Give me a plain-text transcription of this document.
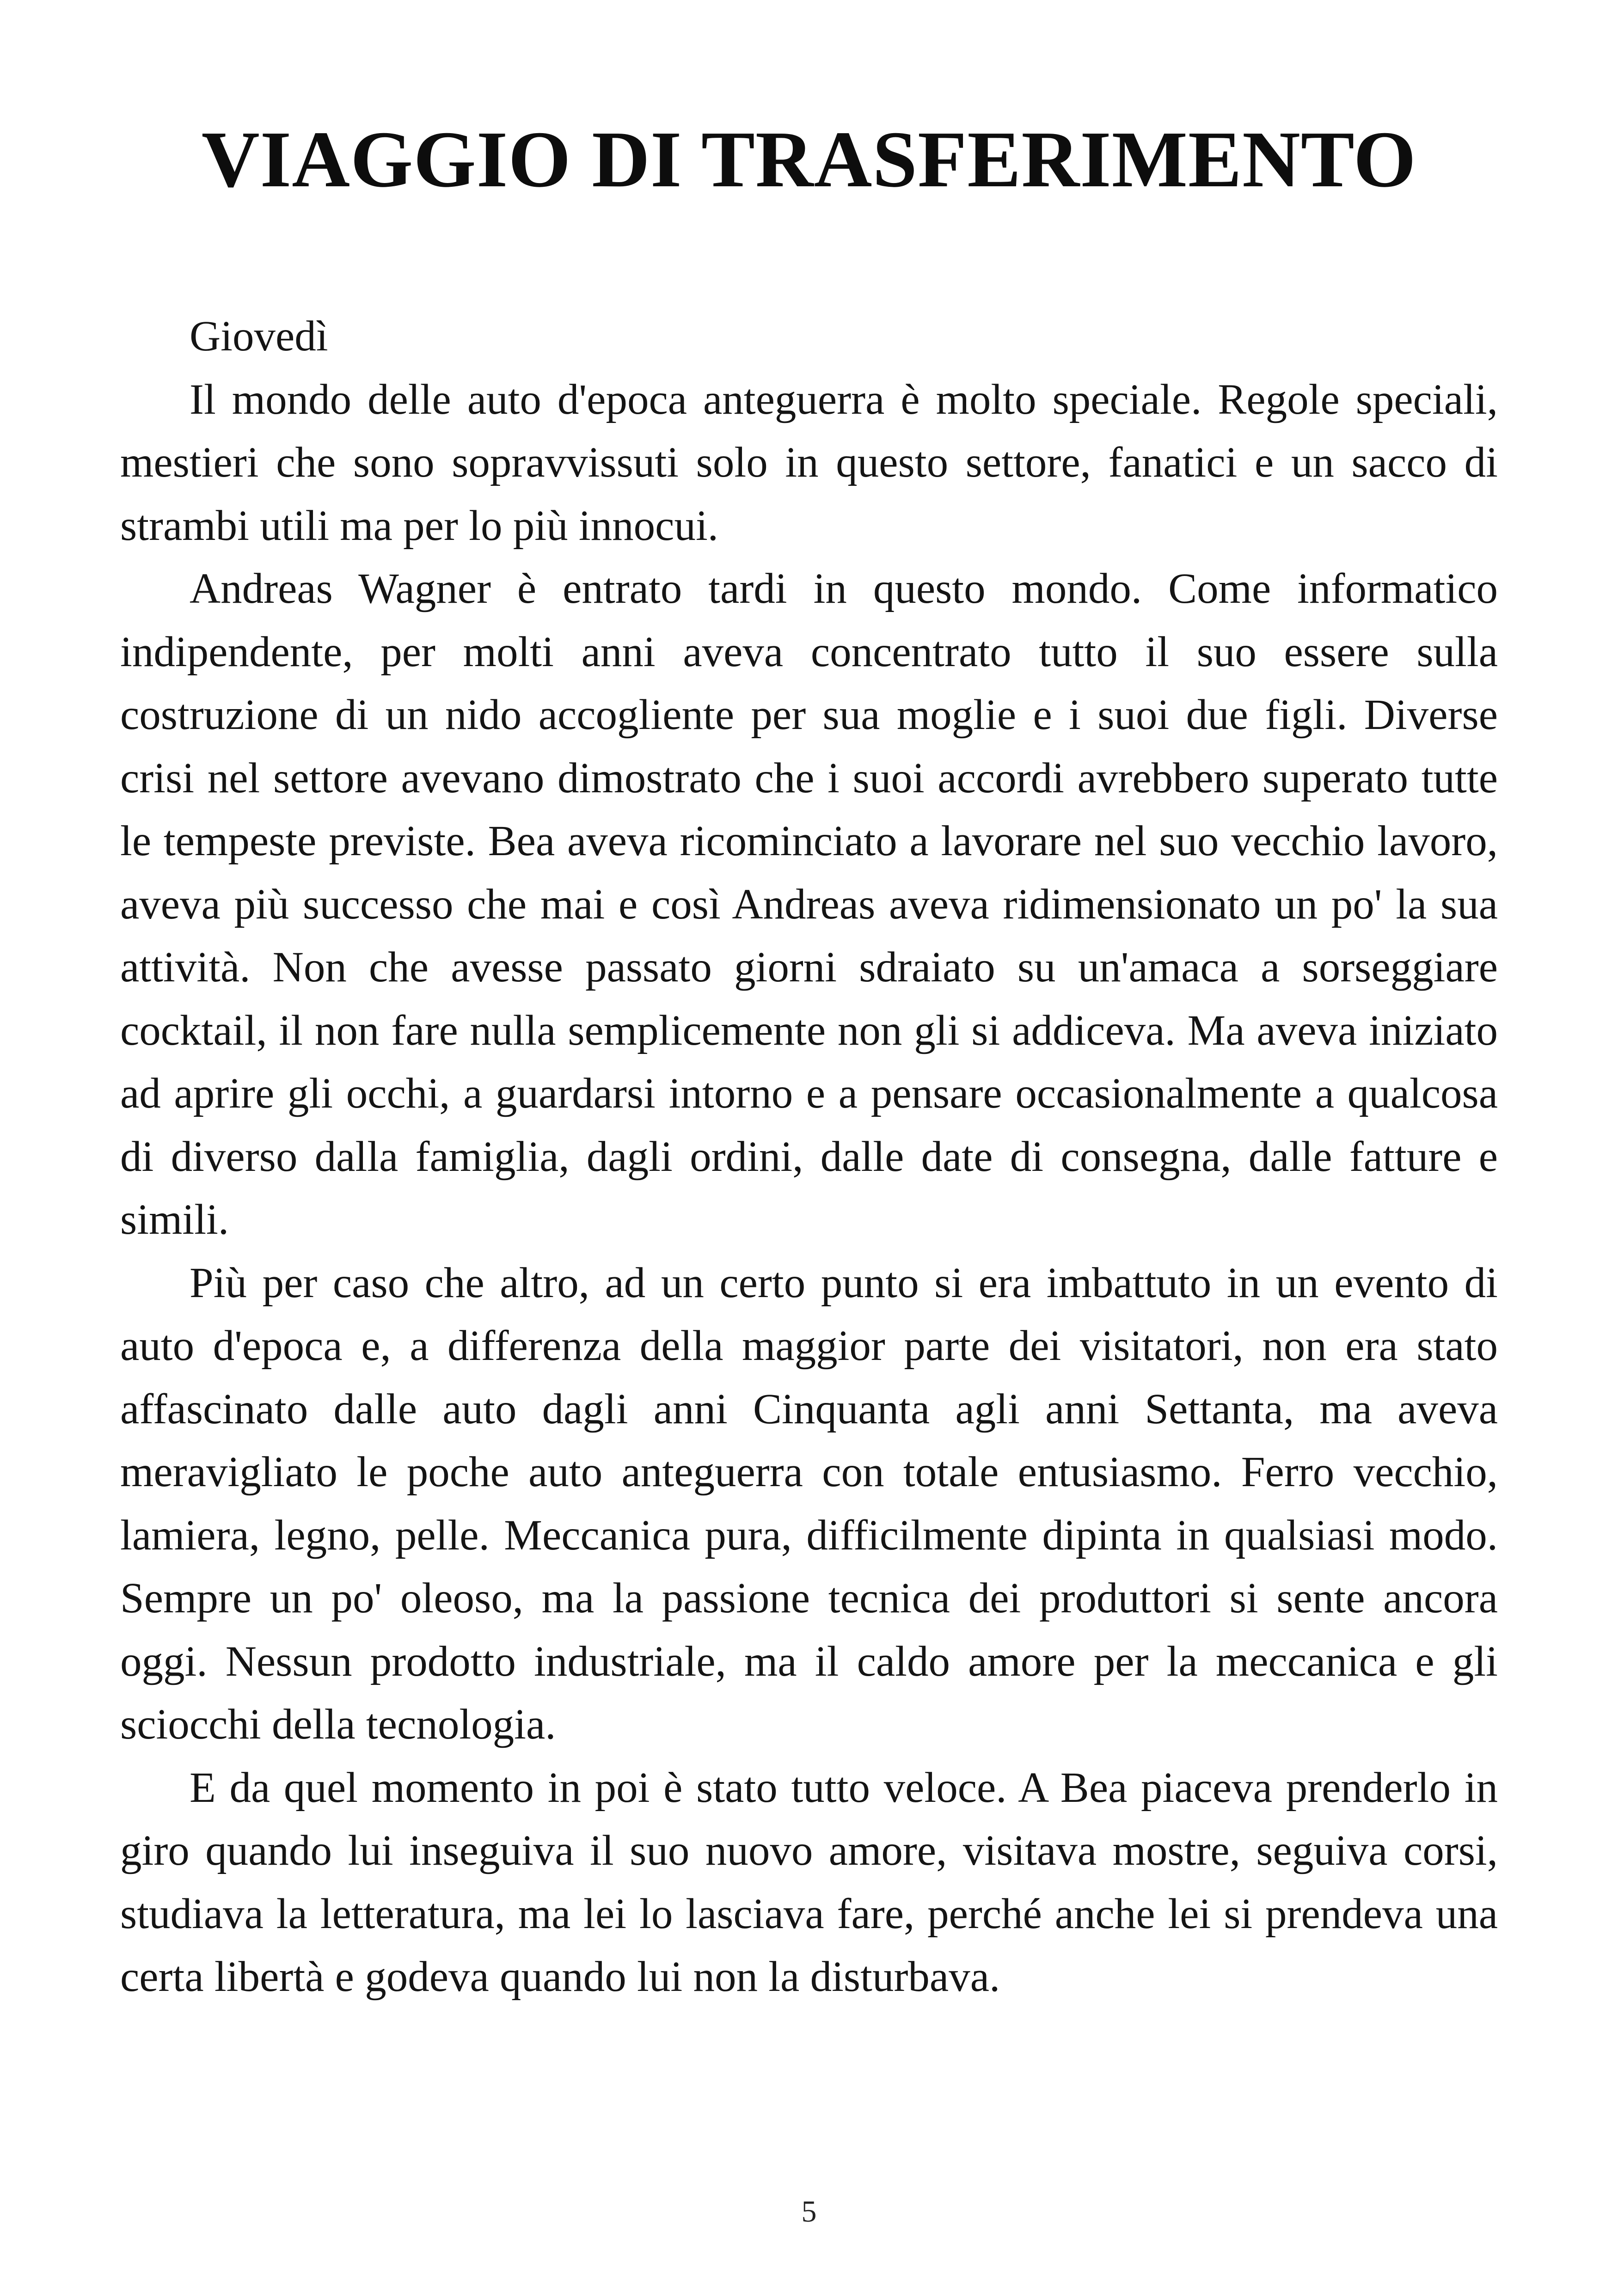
VIAGGIO DI TRASFERIMENTO

Giovedì

Il mondo delle auto d'epoca anteguerra è molto speciale. Regole speciali, mestieri che sono sopravvissuti solo in questo settore, fanatici e un sacco di strambi utili ma per lo più innocui.

Andreas Wagner è entrato tardi in questo mondo. Come informatico indipendente, per molti anni aveva concentrato tutto il suo essere sulla costruzione di un nido accogliente per sua moglie e i suoi due figli. Diverse crisi nel settore avevano dimostrato che i suoi accordi avrebbero superato tutte le tempeste previste. Bea aveva ricominciato a lavorare nel suo vecchio lavoro, aveva più successo che mai e così Andreas aveva ridimensionato un po' la sua attività. Non che avesse passato giorni sdraiato su un'amaca a sorseggiare cocktail, il non fare nulla semplicemente non gli si addiceva. Ma aveva iniziato ad aprire gli occhi, a guardarsi intorno e a pensare occasionalmente a qualcosa di diverso dalla famiglia, dagli ordini, dalle date di consegna, dalle fatture e simili.

Più per caso che altro, ad un certo punto si era imbattuto in un evento di auto d'epoca e, a differenza della maggior parte dei visitatori, non era stato affascinato dalle auto dagli anni Cinquanta agli anni Settanta, ma aveva meravigliato le poche auto anteguerra con totale entusiasmo. Ferro vecchio, lamiera, legno, pelle. Meccanica pura, difficilmente dipinta in qualsiasi modo. Sempre un po' oleoso, ma la passione tecnica dei produttori si sente ancora oggi. Nessun prodotto industriale, ma il caldo amore per la meccanica e gli sciocchi della tecnologia.

E da quel momento in poi è stato tutto veloce. A Bea piaceva prenderlo in giro quando lui inseguiva il suo nuovo amore, visitava mostre, seguiva corsi, studiava la letteratura, ma lei lo lasciava fare, perché anche lei si prendeva una certa libertà e godeva quando lui non la disturbava.

5
